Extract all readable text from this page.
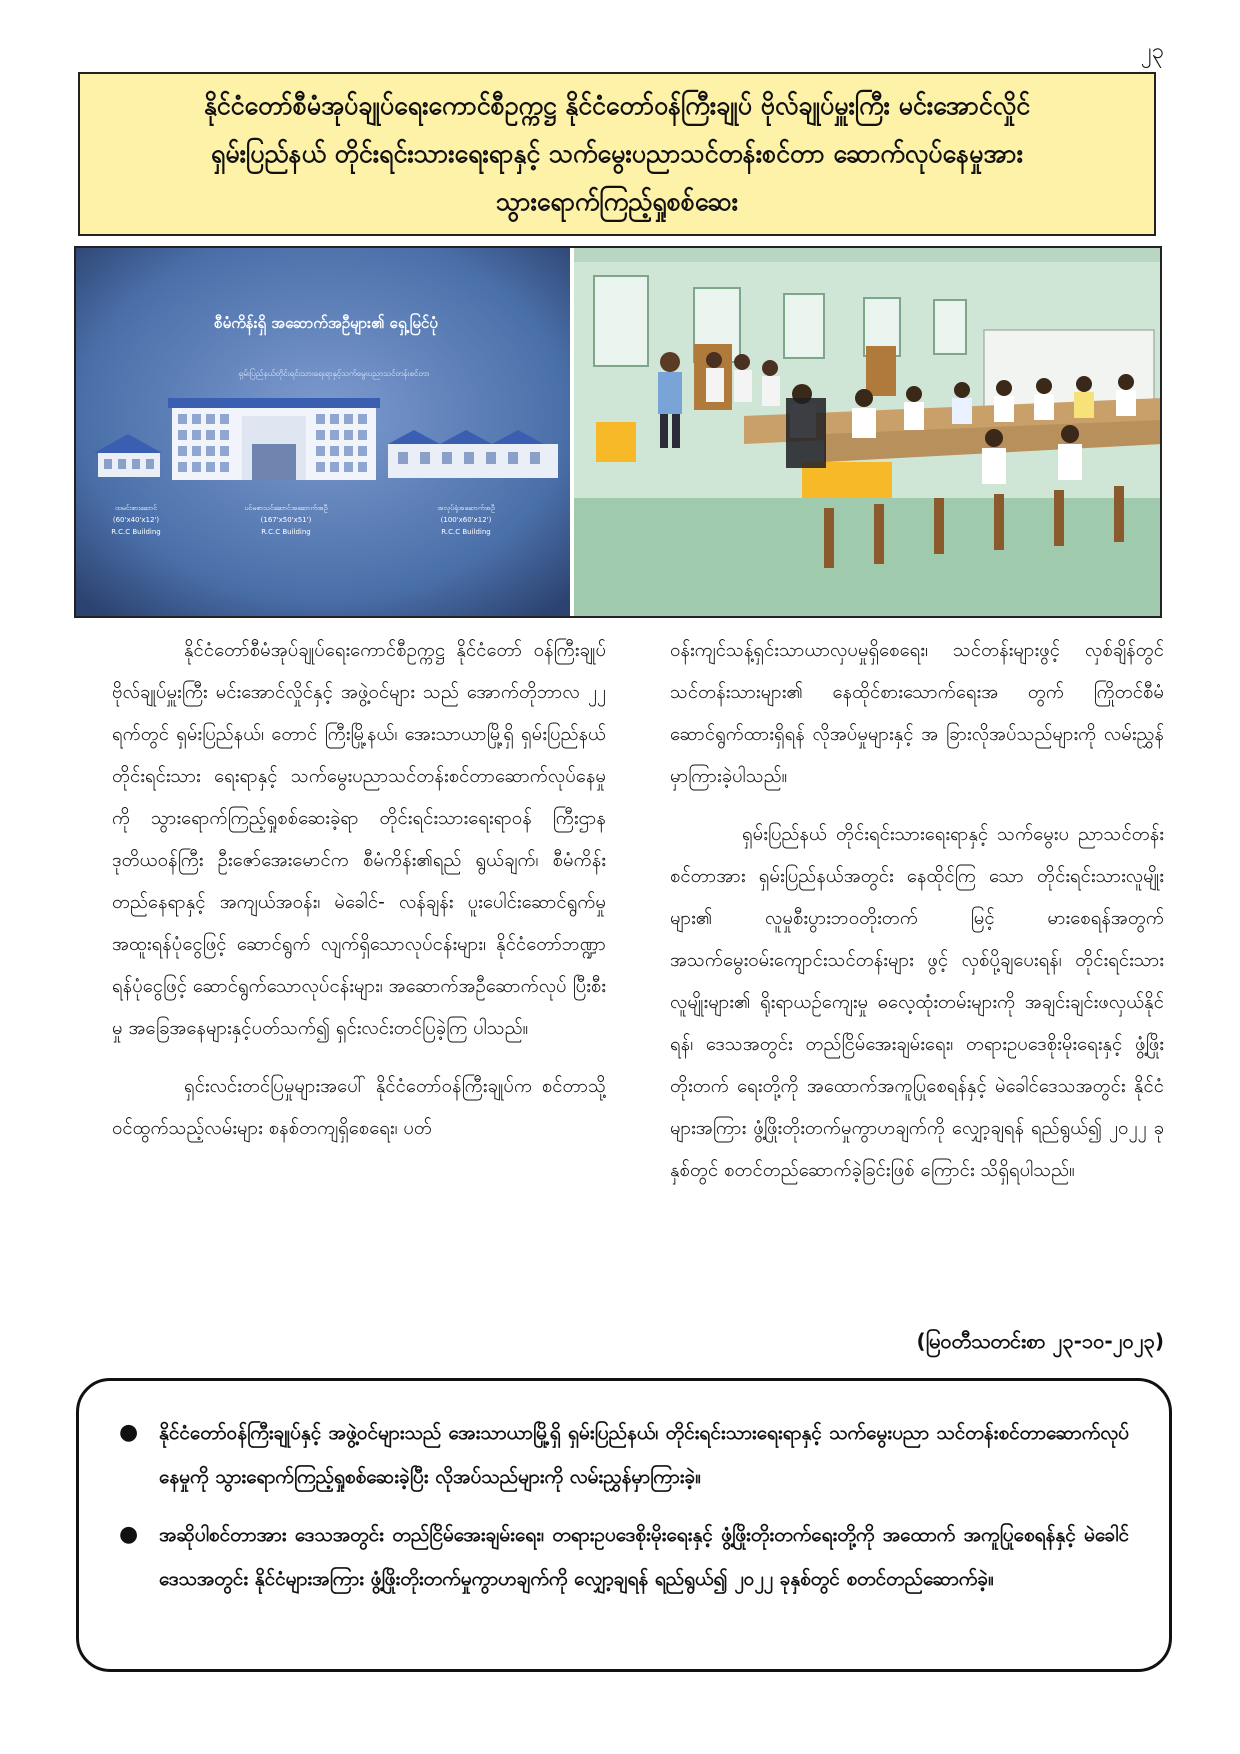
၂၃
နိုင်ငံတော်စီမံအုပ်ချုပ်ရေးကောင်စီဥက္ကဋ္ဌ နိုင်ငံတော်ဝန်ကြီးချုပ် ဗိုလ်ချုပ်မှူးကြီး မင်းအောင်လှိုင်
ရှမ်းပြည်နယ် တိုင်းရင်းသားရေးရာနှင့် သက်မွေးပညာသင်တန်းစင်တာ ဆောက်လုပ်နေမှုအား
သွားရောက်ကြည့်ရှုစစ်ဆေး
စီမံကိန်းရှိ အဆောက်အဦများ၏ ရှေ့မြင်ပုံ
ရှမ်းပြည်နယ်တိုင်းရင်းသားရေးရာနှင့်သက်မွေးပညာသင်တန်းစင်တာ
ထမင်းစားဆောင်
(60'x40'x12')
R.C.C Building
ပင်မစာသင်ဆောင်အဆောက်အဦ
(167'x50'x51')
R.C.C Building
အလုပ်ရုံအဆောက်အဦ
(100'x60'x12')
R.C.C Building

နိုင်ငံတော်စီမံအုပ်ချုပ်ရေးကောင်စီဥက္ကဋ္ဌ နိုင်ငံတော် ဝန်ကြီးချုပ် ဗိုလ်ချုပ်မှူးကြီး မင်းအောင်လှိုင်နှင့် အဖွဲ့ဝင်များ သည် အောက်တိုဘာလ ၂၂ ရက်တွင် ရှမ်းပြည်နယ်၊ တောင် ကြီးမြို့နယ်၊ အေးသာယာမြို့ရှိ ရှမ်းပြည်နယ်တိုင်းရင်းသား ရေးရာနှင့် သက်မွေးပညာသင်တန်းစင်တာဆောက်လုပ်နေမှု ကို သွားရောက်ကြည့်ရှုစစ်ဆေးခဲ့ရာ တိုင်းရင်းသားရေးရာဝန် ကြီးဌာန ဒုတိယဝန်ကြီး ဦးဇော်အေးမောင်က စီမံကိန်း၏ရည် ရွယ်ချက်၊ စီမံကိန်းတည်နေရာနှင့် အကျယ်အဝန်း၊ မဲခေါင်- လန်ချန်း ပူးပေါင်းဆောင်ရွက်မှု အထူးရန်ပုံငွေဖြင့် ဆောင်ရွက် လျက်ရှိသောလုပ်ငန်းများ၊ နိုင်ငံတော်ဘဏ္ဍာရန်ပုံငွေဖြင့် ဆောင်ရွက်သောလုပ်ငန်းများ၊ အဆောက်အဦဆောက်လုပ် ပြီးစီးမှု အခြေအနေများနှင့်ပတ်သက်၍ ရှင်းလင်းတင်ပြခဲ့ကြ ပါသည်။

ရှင်းလင်းတင်ပြမှုများအပေါ် နိုင်ငံတော်ဝန်ကြီးချုပ်က စင်တာသို့ ဝင်ထွက်သည့်လမ်းများ စနစ်တကျရှိစေရေး၊ ပတ်

ဝန်းကျင်သန့်ရှင်းသာယာလှပမှုရှိစေရေး၊ သင်တန်းများဖွင့် လှစ်ချိန်တွင် သင်တန်းသားများ၏ နေထိုင်စားသောက်ရေးအ တွက် ကြိုတင်စီမံဆောင်ရွက်ထားရှိရန် လိုအပ်မှုများနှင့် အ ခြားလိုအပ်သည်များကို လမ်းညွှန်မှာကြားခဲ့ပါသည်။

ရှမ်းပြည်နယ် တိုင်းရင်းသားရေးရာနှင့် သက်မွေးပ ညာသင်တန်းစင်တာအား ရှမ်းပြည်နယ်အတွင်း နေထိုင်ကြ သော တိုင်းရင်းသားလူမျိုးများ၏ လူမှုစီးပွားဘဝတိုးတက် မြင့် မားစေရန်အတွက် အသက်မွေးဝမ်းကျောင်းသင်တန်းများ ဖွင့် လှစ်ပို့ချပေးရန်၊ တိုင်းရင်းသားလူမျိုးများ၏ ရိုးရာယဉ်ကျေးမှု ဓလေ့ထုံးတမ်းများကို အချင်းချင်းဖလှယ်နိုင်ရန်၊ ဒေသအတွင်း တည်ငြိမ်အေးချမ်းရေး၊ တရားဥပဒေစိုးမိုးရေးနှင့် ဖွံ့ဖြိုးတိုးတက် ရေးတို့ကို အထောက်အကူပြုစေရန်နှင့် မဲခေါင်ဒေသအတွင်း နိုင်ငံများအကြား ဖွံ့ဖြိုးတိုးတက်မှုကွာဟချက်ကို လျှော့ချရန် ရည်ရွယ်၍ ၂၀၂၂ ခုနှစ်တွင် စတင်တည်ဆောက်ခဲ့ခြင်းဖြစ် ကြောင်း သိရှိရပါသည်။

(မြဝတီသတင်းစာ ၂၃-၁၀-၂၀၂၃)
●	နိုင်ငံတော်ဝန်ကြီးချုပ်နှင့် အဖွဲ့ဝင်များသည် အေးသာယာမြို့ရှိ ရှမ်းပြည်နယ်၊ တိုင်းရင်းသားရေးရာနှင့် သက်မွေးပညာ သင်တန်းစင်တာဆောက်လုပ်နေမှုကို သွားရောက်ကြည့်ရှုစစ်ဆေးခဲ့ပြီး လိုအပ်သည်များကို လမ်းညွှန်မှာကြားခဲ့။
●	အဆိုပါစင်တာအား ဒေသအတွင်း တည်ငြိမ်အေးချမ်းရေး၊ တရားဥပဒေစိုးမိုးရေးနှင့် ဖွံ့ဖြိုးတိုးတက်ရေးတို့ကို အထောက် အကူပြုစေရန်နှင့် မဲခေါင်ဒေသအတွင်း နိုင်ငံများအကြား ဖွံ့ဖြိုးတိုးတက်မှုကွာဟချက်ကို လျှော့ချရန် ရည်ရွယ်၍ ၂၀၂၂ ခုနှစ်တွင် စတင်တည်ဆောက်ခဲ့။
